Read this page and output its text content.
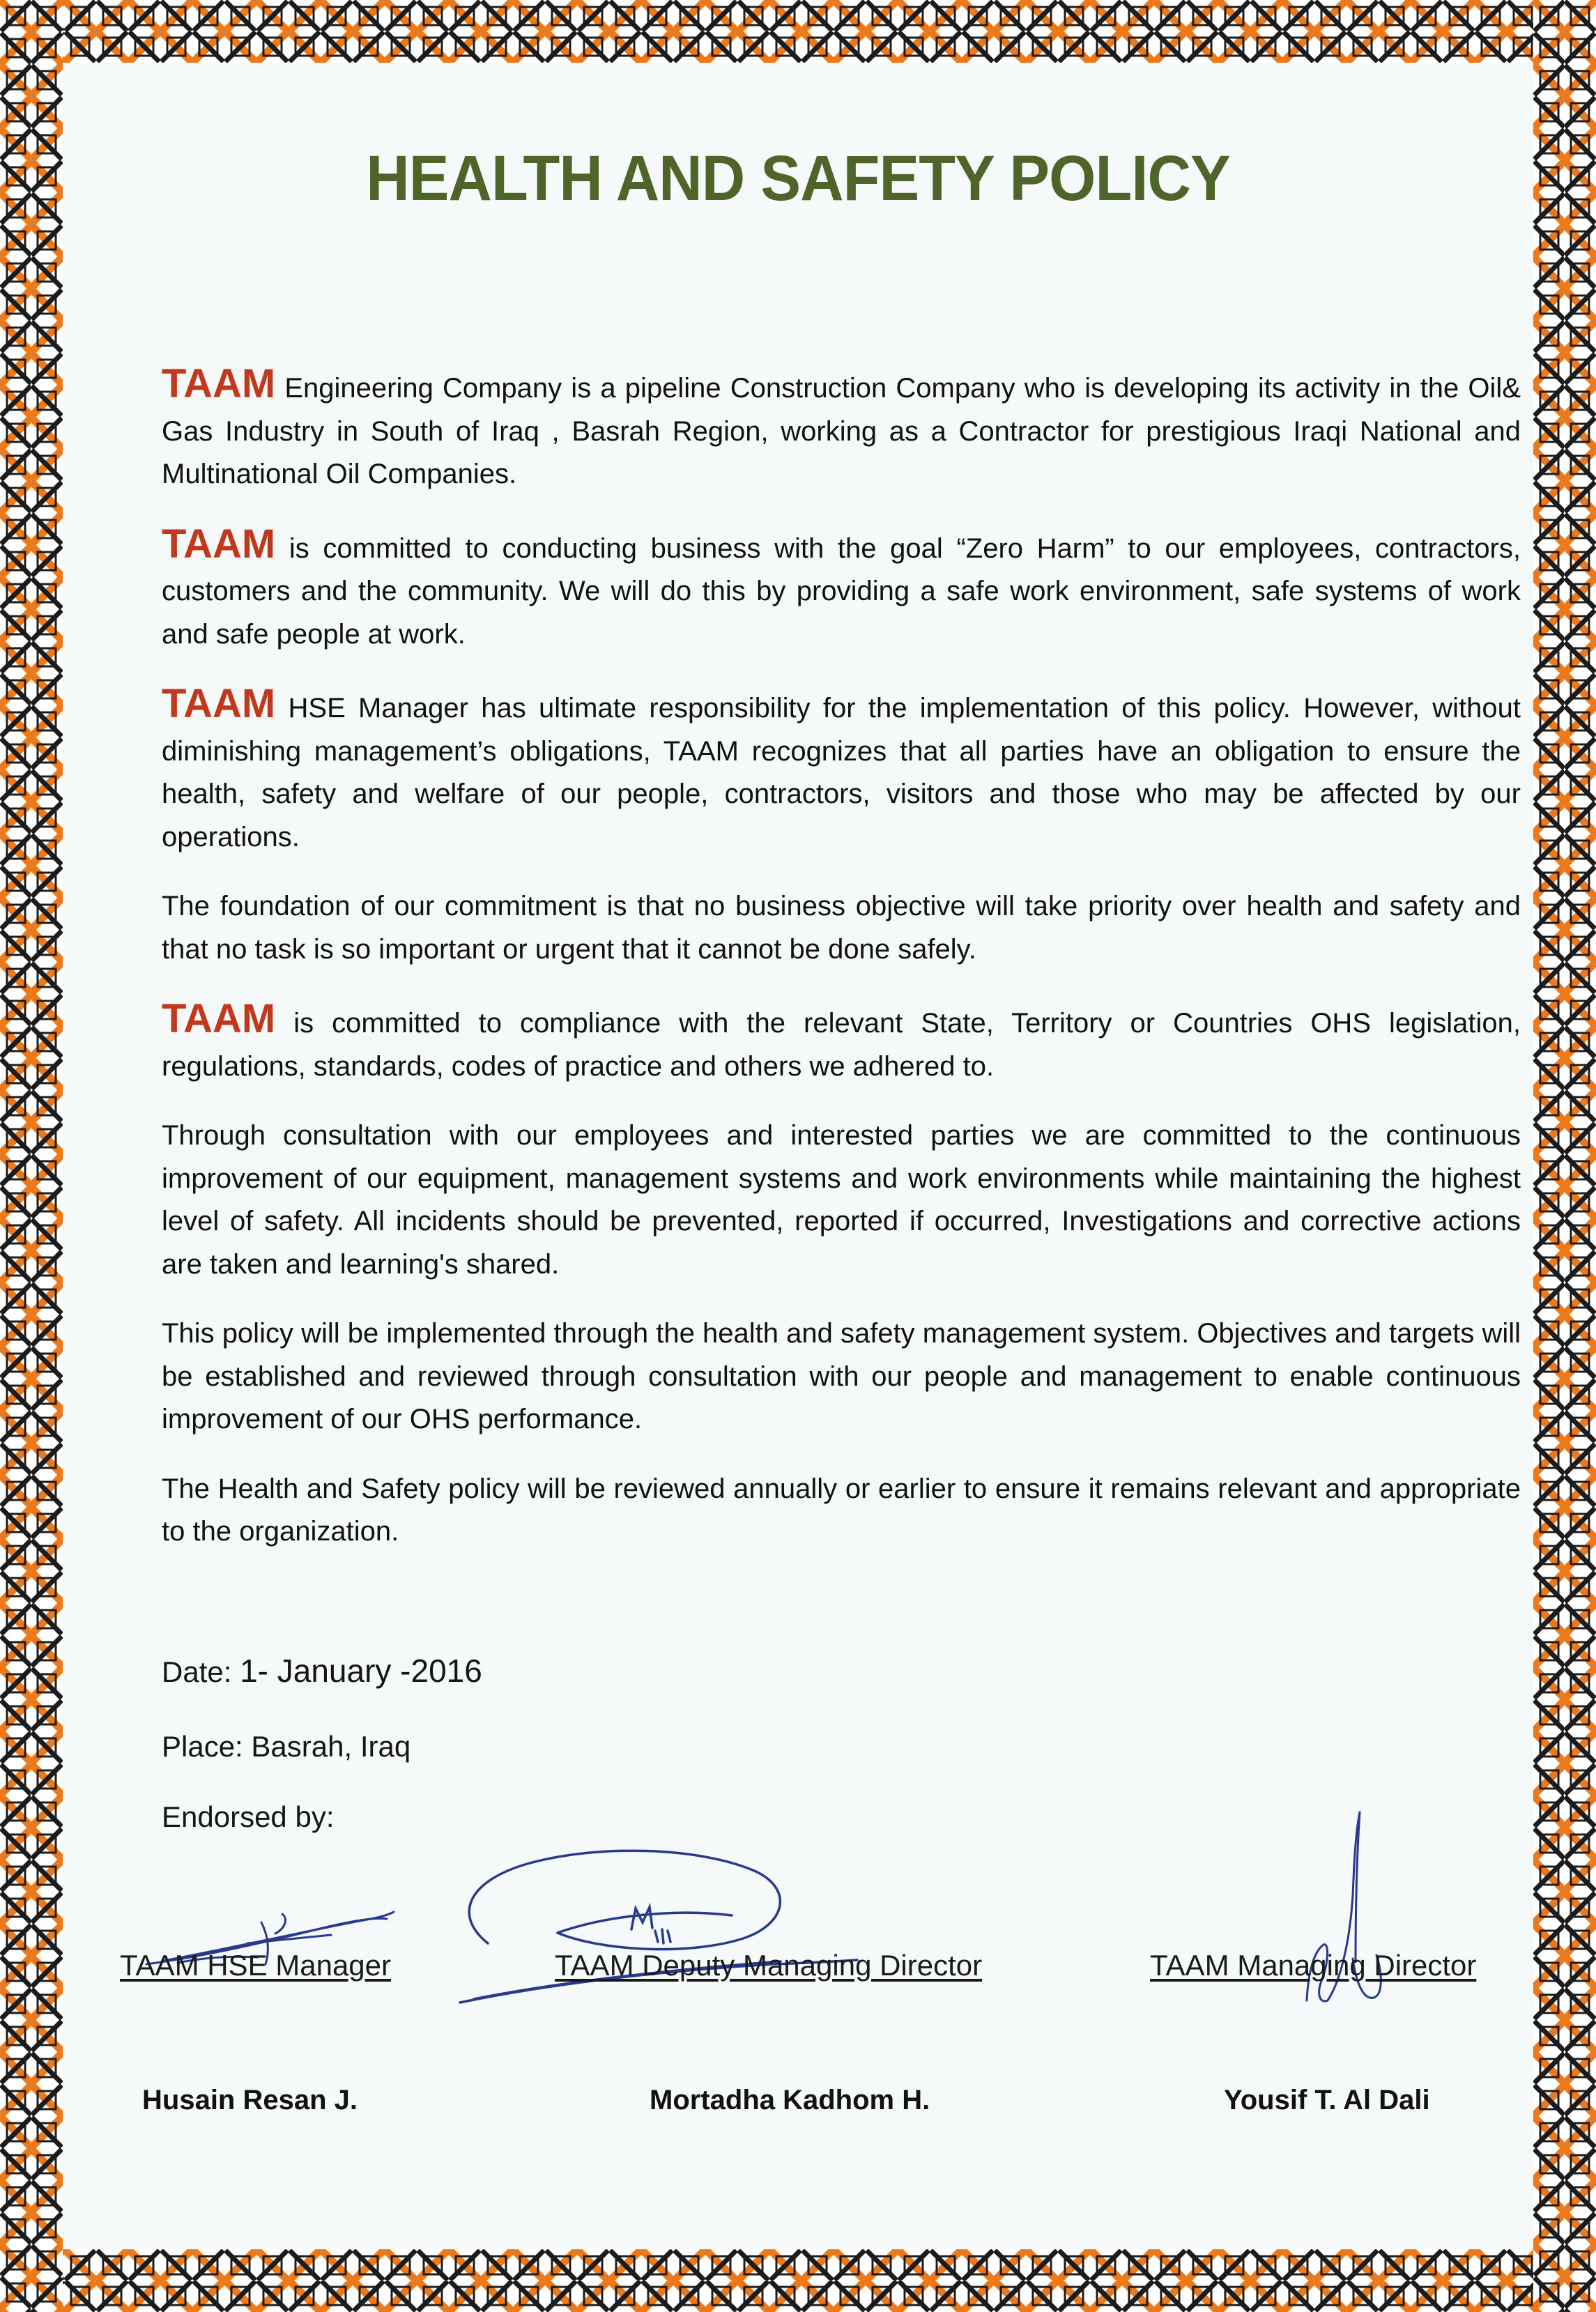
HEALTH AND SAFETY POLICY

TAAM Engineering Company is a pipeline Construction Company who is developing its activity in the Oil& Gas Industry in South of Iraq , Basrah Region, working as a Contractor for prestigious Iraqi National and Multinational Oil Companies.

TAAM is committed to conducting business with the goal “Zero Harm” to our employees, contractors, customers and the community. We will do this by providing a safe work environment, safe systems of work and safe people at work.

TAAM HSE Manager has ultimate responsibility for the implementation of this policy. However, without diminishing management’s obligations, TAAM recognizes that all parties have an obligation to ensure the health, safety and welfare of our people, contractors, visitors and those who may be affected by our operations.

The foundation of our commitment is that no business objective will take priority over health and safety and that no task is so important or urgent that it cannot be done safely.

TAAM is committed to compliance with the relevant State, Territory or Countries OHS legislation, regulations, standards, codes of practice and others we adhered to.

Through consultation with our employees and interested parties we are committed to the continuous improvement of our equipment, management systems and work environments while maintaining the highest level of safety. All incidents should be prevented, reported if occurred, Investigations and corrective actions are taken and learning's shared.

This policy will be implemented through the health and safety management system. Objectives and targets will be established and reviewed through consultation with our people and management to enable continuous improvement of our OHS performance.

The Health and Safety policy will be reviewed annually or earlier to ensure it remains relevant and appropriate to the organization.

Date: 1- January -2016
Place: Basrah, Iraq
Endorsed by:
TAAM HSE Manager	TAAM Deputy Managing Director	TAAM Managing Director
Husain Resan J.	Mortadha Kadhom H.	Yousif T. Al Dali
